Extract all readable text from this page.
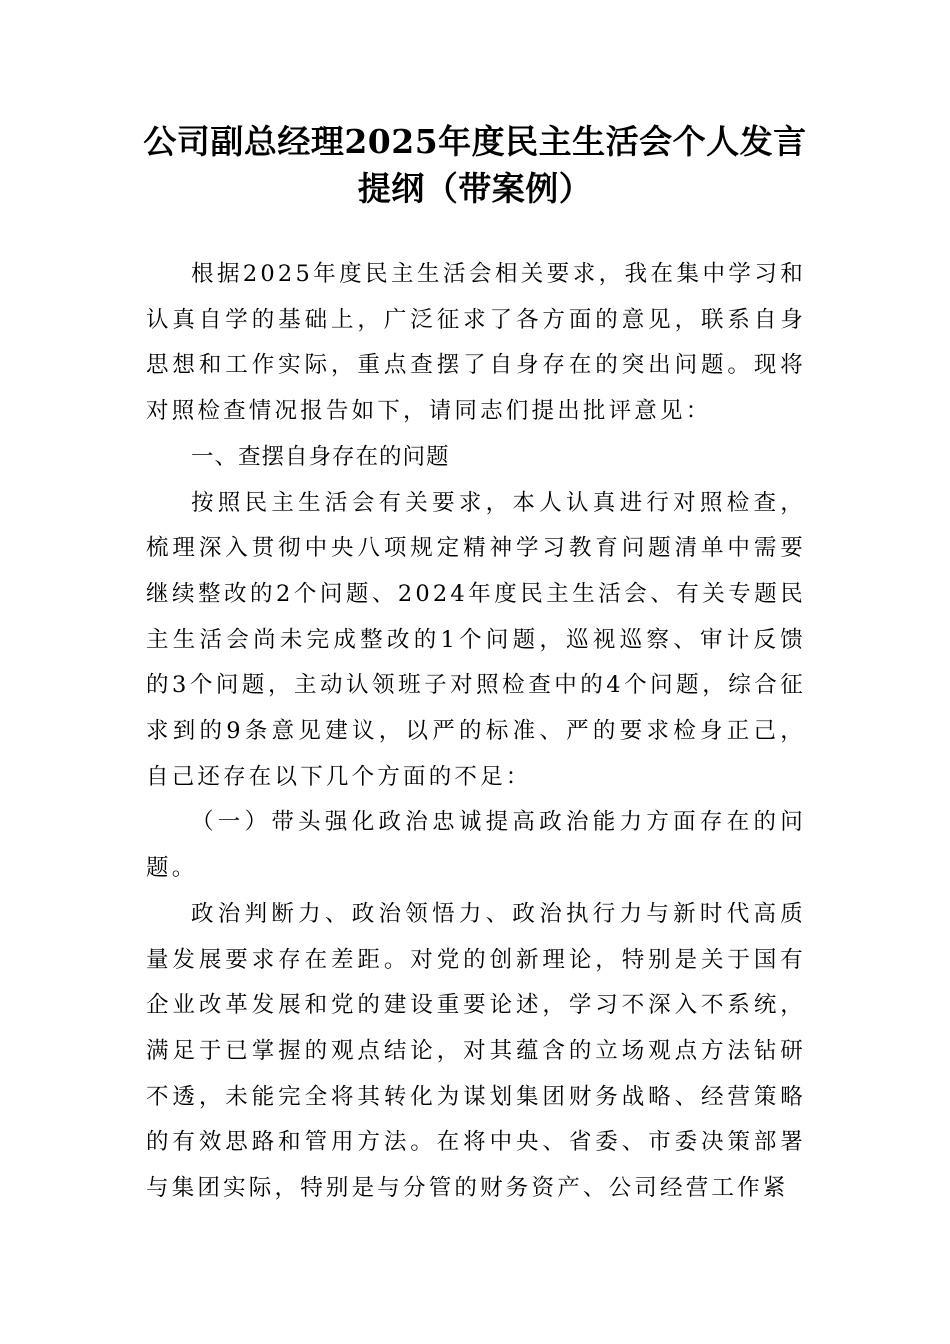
公司副总经理2025年度民主生活会个人发言提纲（带案例）

根据2025年度民主生活会相关要求，我在集中学习和认真自学的基础上，广泛征求了各方面的意见，联系自身思想和工作实际，重点查摆了自身存在的突出问题。现将对照检查情况报告如下，请同志们提出批评意见：

一、查摆自身存在的问题

按照民主生活会有关要求，本人认真进行对照检查，梳理深入贯彻中央八项规定精神学习教育问题清单中需要继续整改的2个问题、2024年度民主生活会、有关专题民主生活会尚未完成整改的1个问题，巡视巡察、审计反馈的3个问题，主动认领班子对照检查中的4个问题，综合征求到的9条意见建议，以严的标准、严的要求检身正己，自己还存在以下几个方面的不足：

（一）带头强化政治忠诚提高政治能力方面存在的问题。

政治判断力、政治领悟力、政治执行力与新时代高质量发展要求存在差距。对党的创新理论，特别是关于国有企业改革发展和党的建设重要论述，学习不深入不系统，满足于已掌握的观点结论，对其蕴含的立场观点方法钻研不透，未能完全将其转化为谋划集团财务战略、经营策略的有效思路和管用方法。在将中央、省委、市委决策部署与集团实际，特别是与分管的财务资产、公司经营工作紧
